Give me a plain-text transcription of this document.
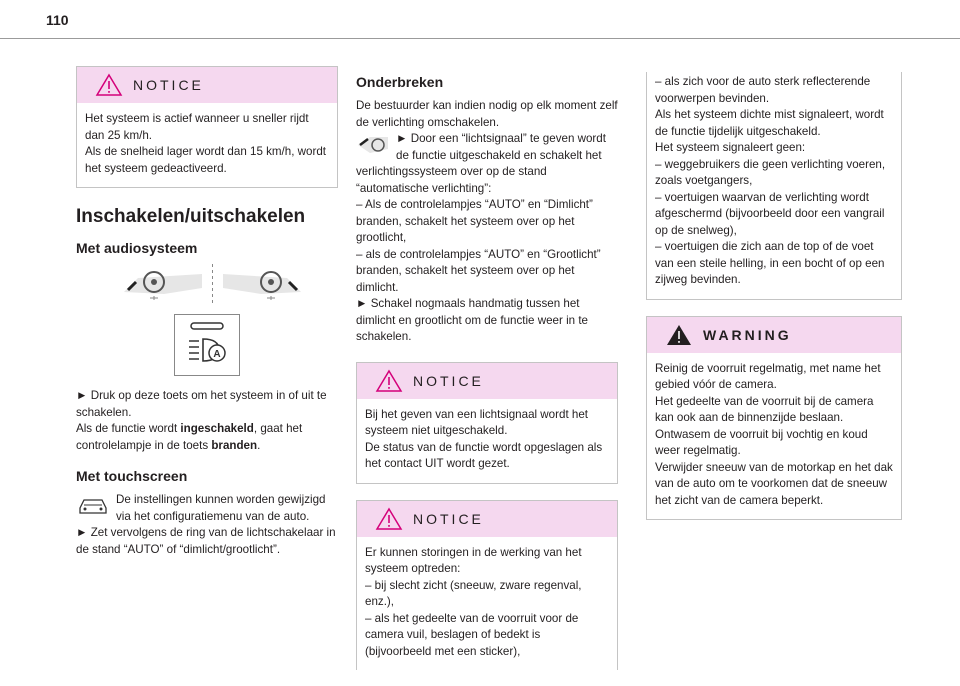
110
NOTICE

Het systeem is actief wanneer u sneller rijdt dan 25 km/h.

Als de snelheid lager wordt dan 15 km/h, wordt het systeem gedeactiveerd.

Inschakelen/uitschakelen
Met audiosysteem
A

► Druk op deze toets om het systeem in of uit te schakelen.

Als de functie wordt ingeschakeld, gaat het controlelampje in de toets branden.

Met touchscreen

De instellingen kunnen worden gewijzigd via het configuratiemenu van de auto.

► Zet vervolgens de ring van de lichtschakelaar in de stand “AUTO” of “dimlicht/grootlicht”.

Onderbreken

De bestuurder kan indien nodig op elk moment zelf de verlichting omschakelen.

► Door een “lichtsignaal” te geven wordt de functie uitgeschakeld en schakelt het verlichtingssysteem over op de stand “automatische verlichting”:

– Als de controlelampjes “AUTO” en “Dimlicht” branden, schakelt het systeem over op het grootlicht,

– als de controlelampjes “AUTO” en “Grootlicht” branden, schakelt het systeem over op het dimlicht.

► Schakel nogmaals handmatig tussen het dimlicht en grootlicht om de functie weer in te schakelen.

NOTICE

Bij het geven van een lichtsignaal wordt het systeem niet uitgeschakeld.

De status van de functie wordt opgeslagen als het contact UIT wordt gezet.

NOTICE

Er kunnen storingen in de werking van het systeem optreden:

– bij slecht zicht (sneeuw, zware regenval, enz.),

– als het gedeelte van de voorruit voor de camera vuil, beslagen of bedekt is (bijvoorbeeld met een sticker),

– als zich voor de auto sterk reflecterende voorwerpen bevinden.

Als het systeem dichte mist signaleert, wordt de functie tijdelijk uitgeschakeld.

Het systeem signaleert geen:

– weggebruikers die geen verlichting voeren, zoals voetgangers,

– voertuigen waarvan de verlichting wordt afgeschermd (bijvoorbeeld door een vangrail op de snelweg),

– voertuigen die zich aan de top of de voet van een steile helling, in een bocht of op een zijweg bevinden.

WARNING

Reinig de voorruit regelmatig, met name het gebied vóór de camera.

Het gedeelte van de voorruit bij de camera kan ook aan de binnenzijde beslaan. Ontwasem de voorruit bij vochtig en koud weer regelmatig.

Verwijder sneeuw van de motorkap en het dak van de auto om te voorkomen dat de sneeuw het zicht van de camera beperkt.
